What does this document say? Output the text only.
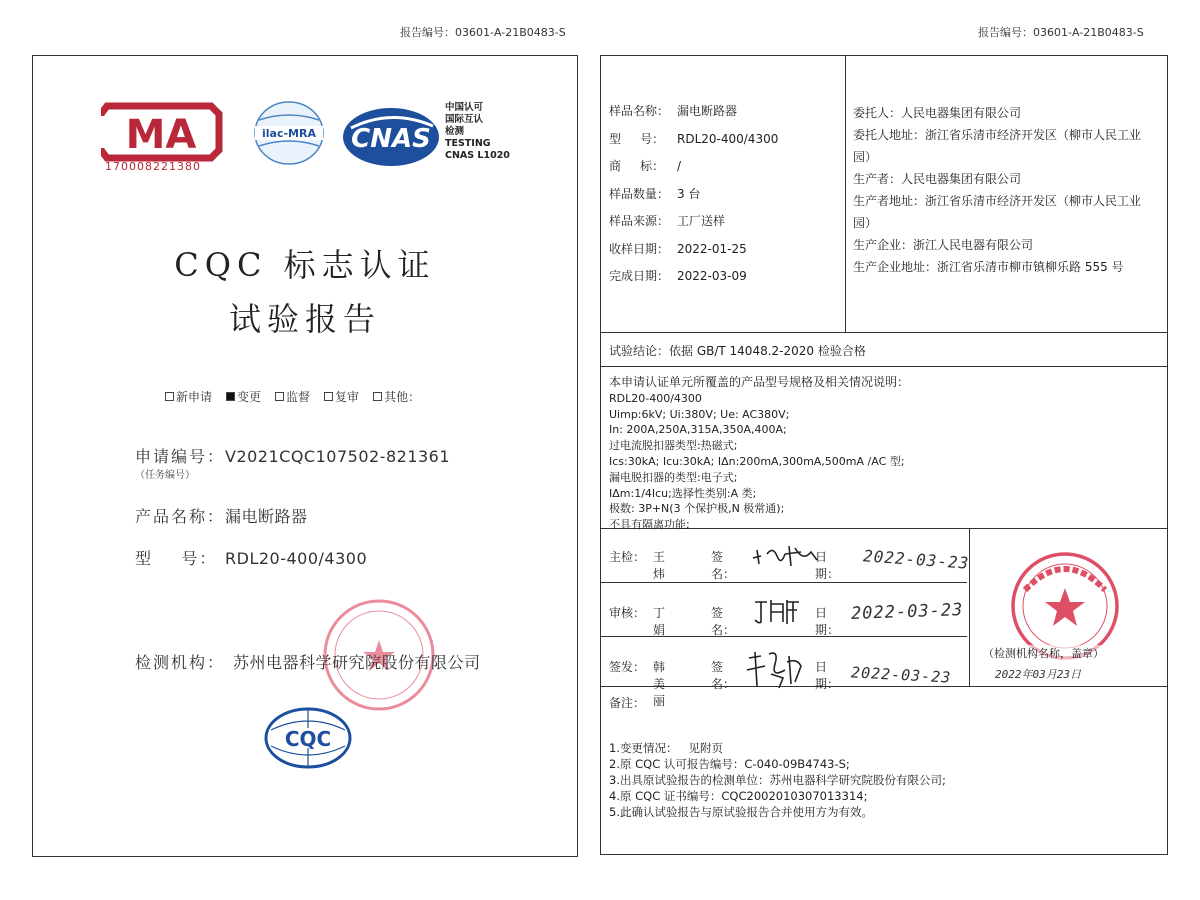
报告编号：03601-A-21B0483-S	报告编号：03601-A-21B0483-S
MA
170008221380
ilac-MRA CNAS
中国认可
国际互认
检测
TESTING
CNAS L1020
CQC 标志认证
试验报告
新申请 变更 监督 复审 其他：
申请编号：V2021CQC107502-821361
（任务编号）
产品名称：漏电断路器
型    号： RDL20-400/4300
检测机构： 苏州电器科学研究院股份有限公司
CQC
样品名称： 漏电断路器
型     号： RDL20-400/4300
商     标： /
样品数量： 3 台
样品来源： 工厂送样
收样日期： 2022-01-25
完成日期： 2022-03-09
委托人：人民电器集团有限公司
委托人地址：浙江省乐清市经济开发区（柳市人民工业
园）
生产者：人民电器集团有限公司
生产者地址：浙江省乐清市经济开发区（柳市人民工业
园）
生产企业：浙江人民电器有限公司
生产企业地址：浙江省乐清市柳市镇柳乐路 555 号
试验结论：依据 GB/T 14048.2-2020 检验合格
本申请认证单元所覆盖的产品型号规格及相关情况说明：
RDL20-400/4300
Uimp:6kV; Ui:380V; Ue: AC380V;
In: 200A,250A,315A,350A,400A;
过电流脱扣器类型:热磁式;
Ics:30kA; Icu:30kA; IΔn:200mA,300mA,500mA /AC 型;
漏电脱扣器的类型:电子式;
IΔm:1/4Icu;选择性类别:A 类;
极数: 3P+N(3 个保护极,N 极常通);
不具有隔离功能;
主检： 王 炜
签名：
日期：
审核： 丁 娟
签名：
日期：
签发： 韩美丽
签名：
日期：
2022-03-23
2022-03-23
2022-03-23
（检测机构名称，盖章）
2022年03月23日
备注：
1.变更情况：   见附页
2.原 CQC 认可报告编号：C-040-09B4743-S;
3.出具原试验报告的检测单位：苏州电器科学研究院股份有限公司;
4.原 CQC 证书编号：CQC2002010307013314;
5.此确认试验报告与原试验报告合并使用方为有效。
